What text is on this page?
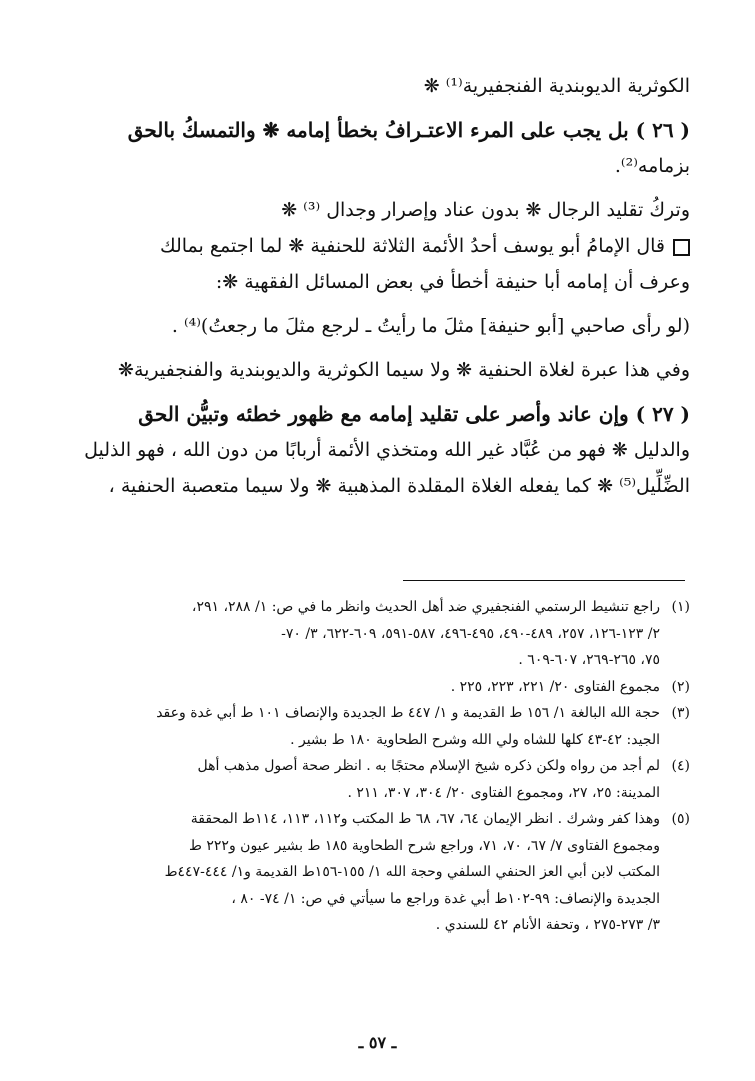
الكوثرية الديوبندية الفنجفيرية⁽¹⁾ ❋

( ٢٦ ) بل يجب على المرء الاعتـرافُ بخطأ إمامه ❋ والتمسكُ بالحق

بزمامه⁽²⁾.

وتركُ تقليد الرجال ❋ بدون عناد وإصرار وجدال ⁽³⁾ ❋

قال الإمامُ أبو يوسف أحدُ الأئمة الثلاثة للحنفية ❋ لما اجتمع بمالك

وعرف أن إمامه أبا حنيفة أخطأ في بعض المسائل الفقهية ❋:

(لو رأى صاحبي [أبو حنيفة] مثلَ ما رأيتُ ـ لرجع مثلَ ما رجعتُ)⁽⁴⁾ .

وفي هذا عبرة لغلاة الحنفية ❋ ولا سيما الكوثرية والديوبندية والفنجفيرية❋

( ٢٧ ) وإن عاند وأصر على تقليد إمامه مع ظهور خطئه وتبيُّن الحق

والدليل ❋ فهو من عُبَّاد غير الله ومتخذي الأئمة أربابًا من دون الله ، فهو الذليل

الضِّلِّيل⁽⁵⁾ ❋ كما يفعله الغلاة المقلدة المذهبية ❋ ولا سيما متعصبة الحنفية ،

(١)راجع تنشيط الرستمي الفنجفيري ضد أهل الحديث وانظر ما في ص: ١/ ٢٨٨، ٢٩١،

٢/ ١٢٣-١٢٦، ٢٥٧، ٤٨٩-٤٩٠، ٤٩٥-٤٩٦، ٥٨٧-٥٩١، ٦٠٩-٦٢٢، ٣/ ٧٠-

٧٥، ٢٦٥-٢٦٩، ٦٠٧-٦٠٩ .

(٢)مجموع الفتاوى ٢٠/ ٢٢١، ٢٢٣، ٢٢٥ .

(٣)حجة الله البالغة ١/ ١٥٦ ط القديمة و ١/ ٤٤٧ ط الجديدة والإنصاف ١٠١ ط أبي غدة وعقد

الجيد: ٤٢-٤٣ كلها للشاه ولي الله وشرح الطحاوية ١٨٠ ط بشير .

(٤)لم أجد من رواه ولكن ذكره شيخ الإسلام محتجًا به . انظر صحة أصول مذهب أهل

المدينة: ٢٥، ٢٧، ومجموع الفتاوى ٢٠/ ٣٠٤، ٣٠٧، ٢١١ .

(٥)وهذا كفر وشرك . انظر الإيمان ٦٤، ٦٧، ٦٨ ط المكتب و١١٢، ١١٣، ١١٤ط المحققة

ومجموع الفتاوى ٧/ ٦٧، ٧٠، ٧١، وراجع شرح الطحاوية ١٨٥ ط بشير عيون و٢٢٢ ط

المكتب لابن أبي العز الحنفي السلفي وحجة الله ١/ ١٥٥-١٥٦ط القديمة و١/ ٤٤٤-٤٤٧ط

الجديدة والإنصاف: ٩٩-١٠٢ط أبي غدة وراجع ما سيأتي في ص: ١/ ٧٤- ٨٠ ،

٣/ ٢٧٣-٢٧٥ ، وتحفة الأنام ٤٢ للسندي .

ـ ٥٧ ـ
